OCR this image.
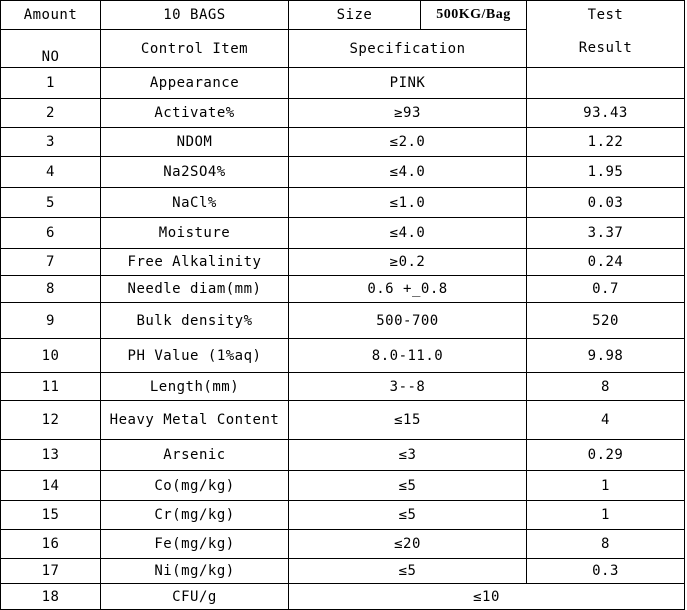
Amount	10 BAGS	Size	500KG/Bag	Test
NO	Control Item	Specification		Result
1	Appearance	PINK		
2	Activate%	≥93		93.43
3	NDOM	≤2.0		1.22
4	Na2SO4%	≤4.0		1.95
5	NaCl%	≤1.0		0.03
6	Moisture	≤4.0		3.37
7	Free Alkalinity	≥0.2		0.24
8	Needle diam(mm)	0.6 +_0.8		0.7
9	Bulk density%	500-700		520
10	PH Value (1%aq)	8.0-11.0		9.98
11	Length(mm)	3--8		8
12	Heavy Metal Content	≤15		4
13	Arsenic	≤3		0.29
14	Co(mg/kg)	≤5		1
15	Cr(mg/kg)	≤5		1
16	Fe(mg/kg)	≤20		8
17	Ni(mg/kg)	≤5		0.3
18	CFU/g	≤10		
